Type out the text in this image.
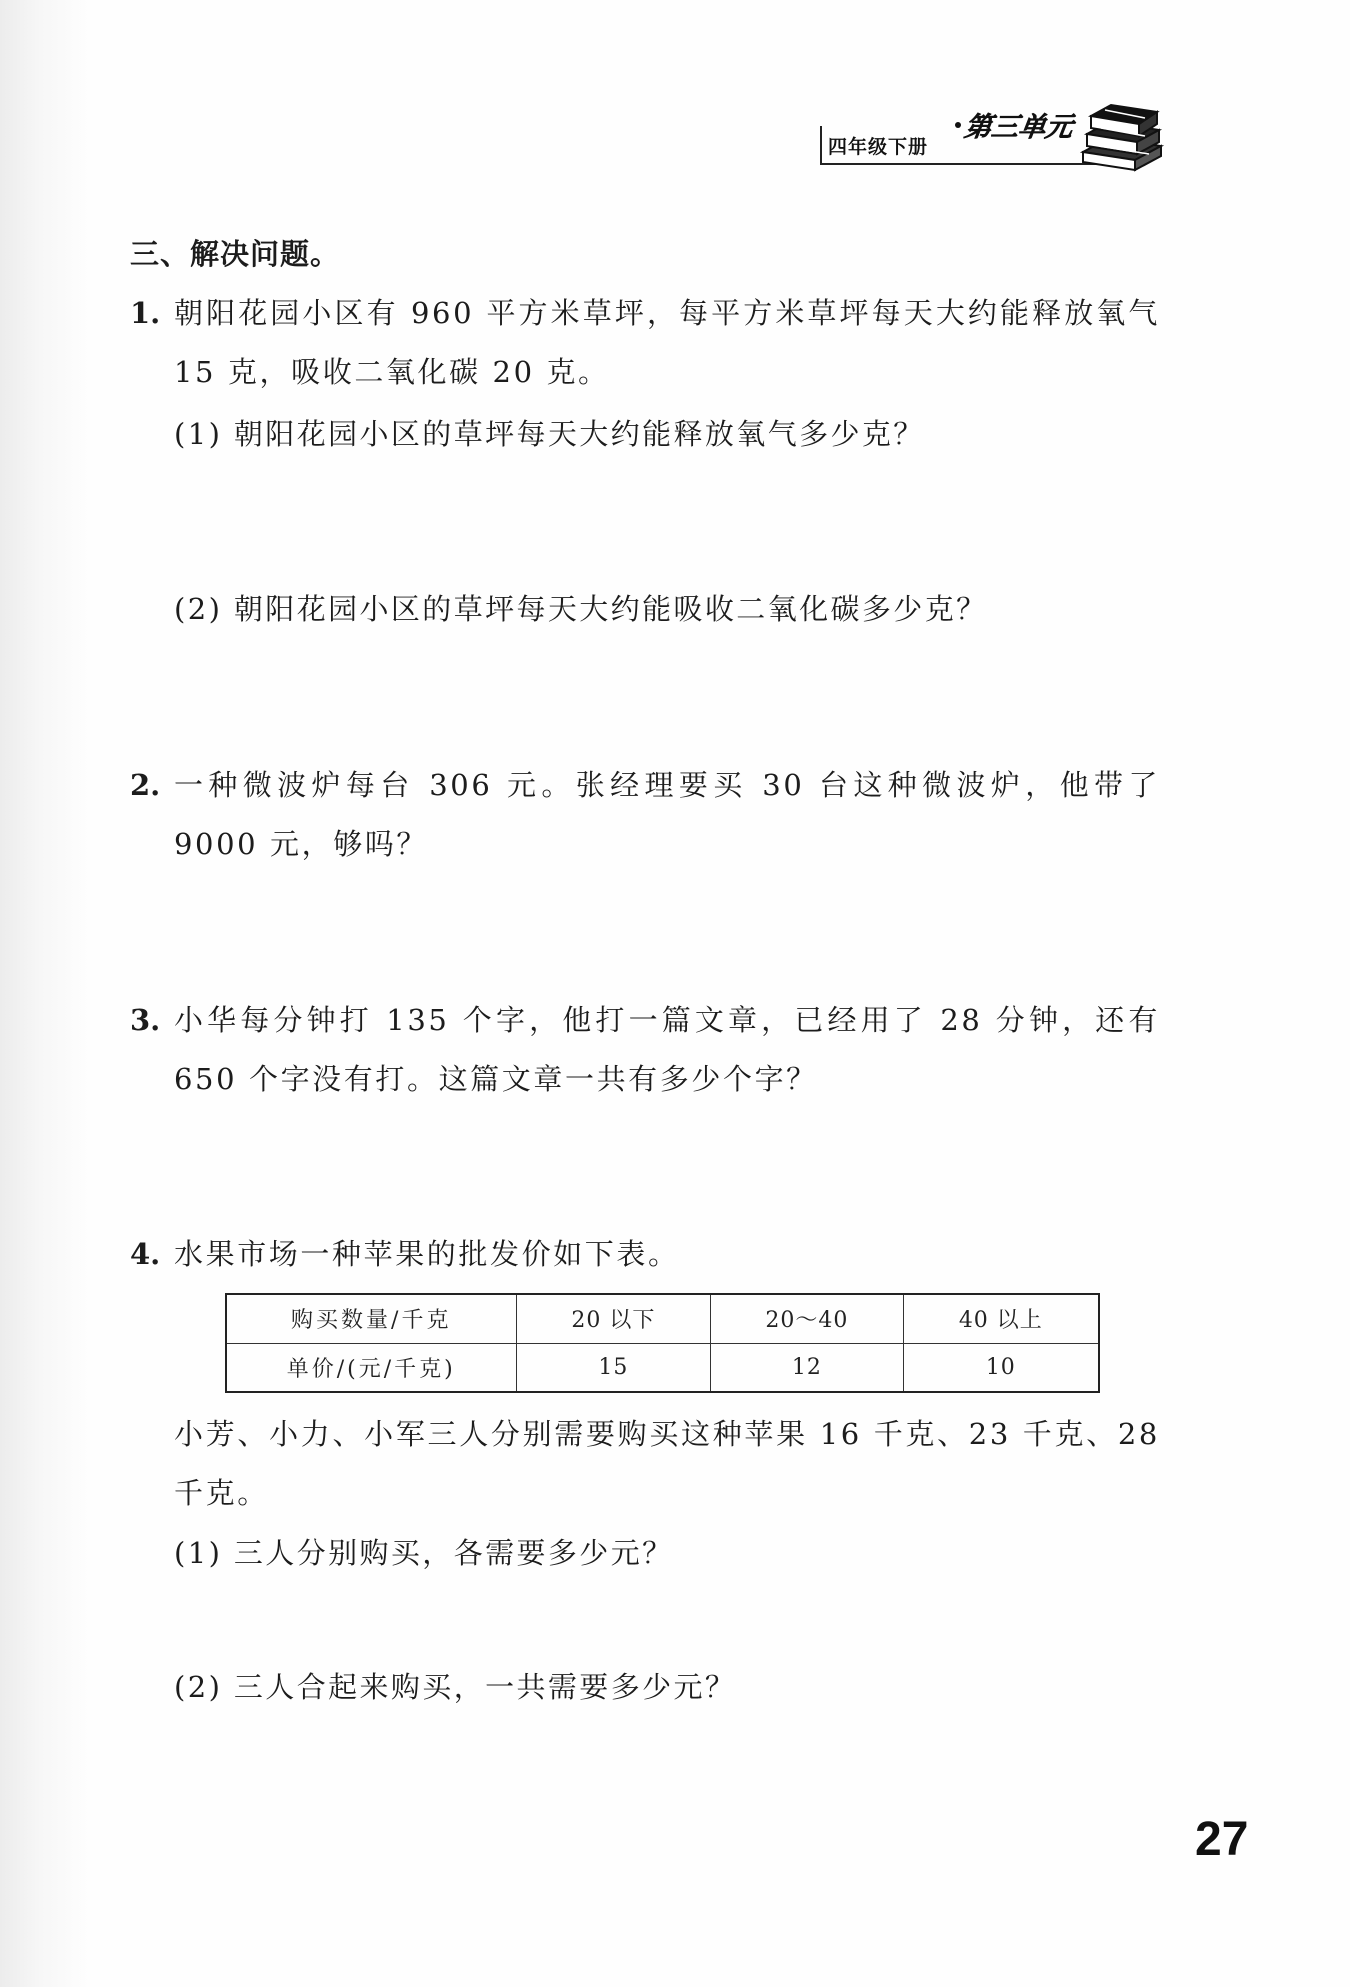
四年级下册
第三单元
三、解决问题。
1. 朝阳花园小区有 960 平方米草坪，每平方米草坪每天大约能释放氧气 15 克，吸收二氧化碳 20 克。
(1) 朝阳花园小区的草坪每天大约能释放氧气多少克？
(2) 朝阳花园小区的草坪每天大约能吸收二氧化碳多少克？
2. 一种微波炉每台 306 元。张经理要买 30 台这种微波炉，他带了 9000 元，够吗？
3. 小华每分钟打 135 个字，他打一篇文章，已经用了 28 分钟，还有 650 个字没有打。这篇文章一共有多少个字？
4. 水果市场一种苹果的批发价如下表。
购买数量/千克	20 以下	20～40	40 以上
单价/(元/千克)	15	12	10
小芳、小力、小军三人分别需要购买这种苹果 16 千克、23 千克、28 千克。
(1) 三人分别购买，各需要多少元？
(2) 三人合起来购买，一共需要多少元？
27
